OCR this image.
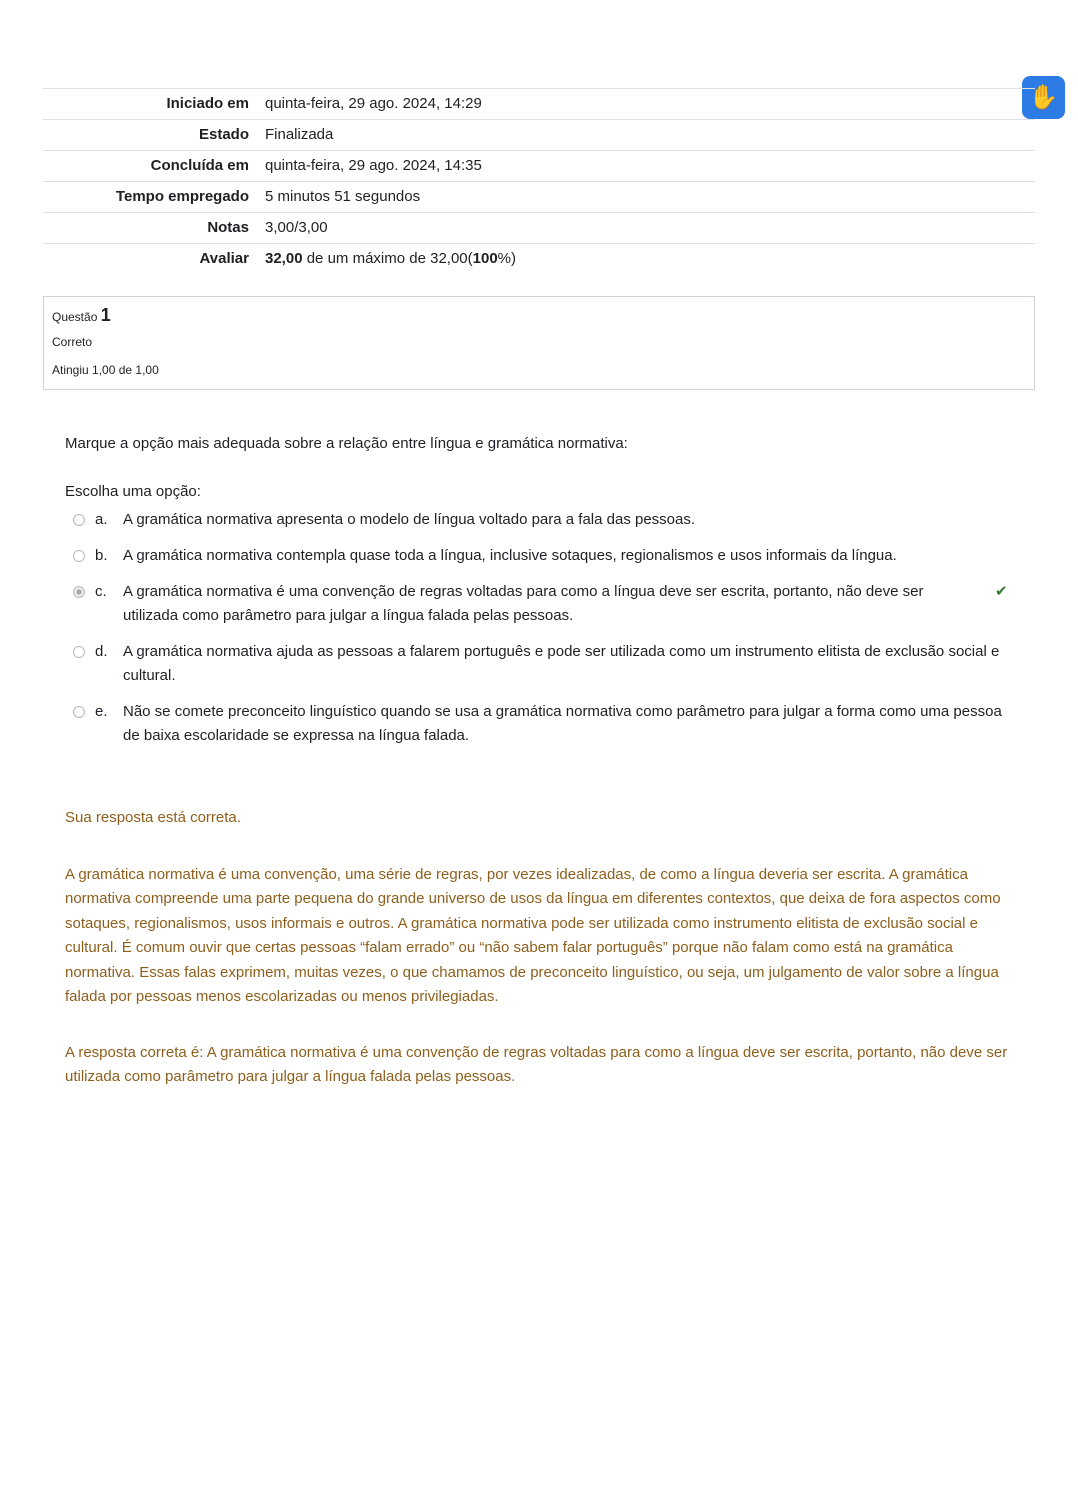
✋
Iniciado em	quinta-feira, 29 ago. 2024, 14:29
Estado	Finalizada
Concluída em	quinta-feira, 29 ago. 2024, 14:35
Tempo empregado	5 minutos 51 segundos
Notas	3,00/3,00
Avaliar	32,00 de um máximo de 32,00(100%)
Questão 1
Correto
Atingiu 1,00 de 1,00
Marque a opção mais adequada sobre a relação entre língua e gramática normativa:
Escolha uma opção:
a.	A gramática normativa apresenta o modelo de língua voltado para a fala das pessoas.
b.	A gramática normativa contempla quase toda a língua, inclusive sotaques, regionalismos e usos informais da língua.
c.	A gramática normativa é uma convenção de regras voltadas para como a língua deve ser escrita, portanto, não deve ser utilizada como parâmetro para julgar a língua falada pelas pessoas.
✔
d.	A gramática normativa ajuda as pessoas a falarem português e pode ser utilizada como um instrumento elitista de exclusão social e cultural.
e.	Não se comete preconceito linguístico quando se usa a gramática normativa como parâmetro para julgar a forma como uma pessoa de baixa escolaridade se expressa na língua falada.
Sua resposta está correta.
A gramática normativa é uma convenção, uma série de regras, por vezes idealizadas, de como a língua deveria ser escrita. A gramática normativa compreende uma parte pequena do grande universo de usos da língua em diferentes contextos, que deixa de fora aspectos como sotaques, regionalismos, usos informais e outros. A gramática normativa pode ser utilizada como instrumento elitista de exclusão social e cultural. É comum ouvir que certas pessoas “falam errado” ou “não sabem falar português” porque não falam como está na gramática normativa. Essas falas exprimem, muitas vezes, o que chamamos de preconceito linguístico, ou seja, um julgamento de valor sobre a língua falada por pessoas menos escolarizadas ou menos privilegiadas.
A resposta correta é: A gramática normativa é uma convenção de regras voltadas para como a língua deve ser escrita, portanto, não deve ser utilizada como parâmetro para julgar a língua falada pelas pessoas.
